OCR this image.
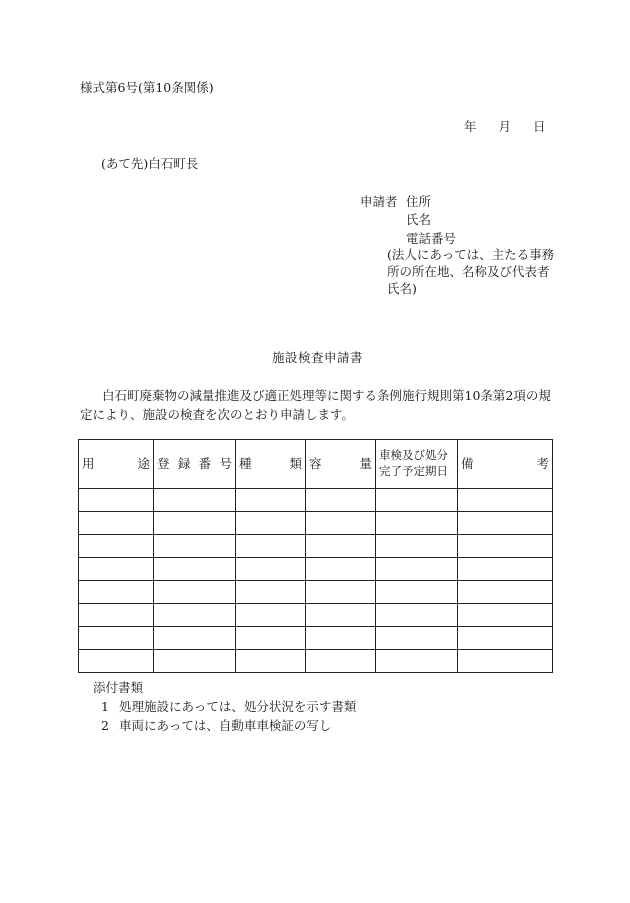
様式第6号(第10条関係)
年 月 日
(あて先)白石町長
申請者 住所
氏名
電話番号
(法人にあっては、主たる事務所の所在地、名称及び代表者氏名)
施設検査申請書
白石町廃棄物の減量推進及び適正処理等に関する条例施行規則第10条第2項の規定により、施設の検査を次のとおり申請します。
用 途	登 録 番 号	種 類	容 量	車検及び処分完了予定期日	備 考

添付書類
1 処理施設にあっては、処分状況を示す書類
2 車両にあっては、自動車車検証の写し
